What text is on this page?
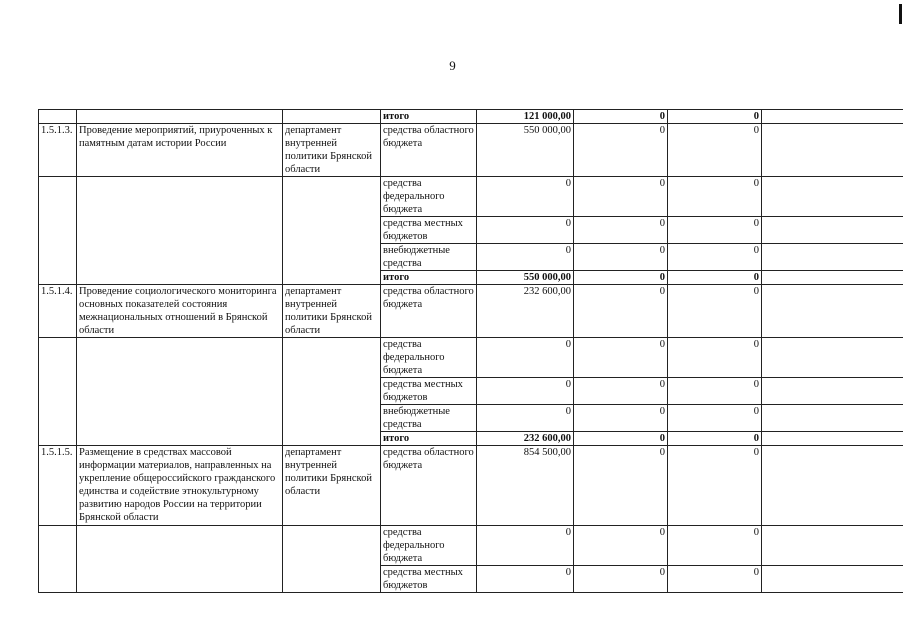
9
			итого	121 000,00	0	0	
1.5.1.3.	Проведение мероприятий, приуроченных к памятным датам истории России	департамент внутренней политики Брянской области	средства областного бюджета	550 000,00	0	0	
			средства федерального бюджета	0	0	0	
			средства местных бюджетов	0	0	0	
			внебюджетные средства	0	0	0	
			итого	550 000,00	0	0	
1.5.1.4.	Проведение социологического мониторинга основных показателей состояния межнациональных отношений в Брянской области	департамент внутренней политики Брянской области	средства областного бюджета	232 600,00	0	0	
			средства федерального бюджета	0	0	0	
			средства местных бюджетов	0	0	0	
			внебюджетные средства	0	0	0	
			итого	232 600,00	0	0	
1.5.1.5.	Размещение в средствах массовой информации материалов, направленных на укрепление общероссийского гражданского единства и содействие этнокультурному развитию народов России на территории Брянской области	департамент внутренней политики Брянской области	средства областного бюджета	854 500,00	0	0	
			средства федерального бюджета	0	0	0	
			средства местных бюджетов	0	0	0	
